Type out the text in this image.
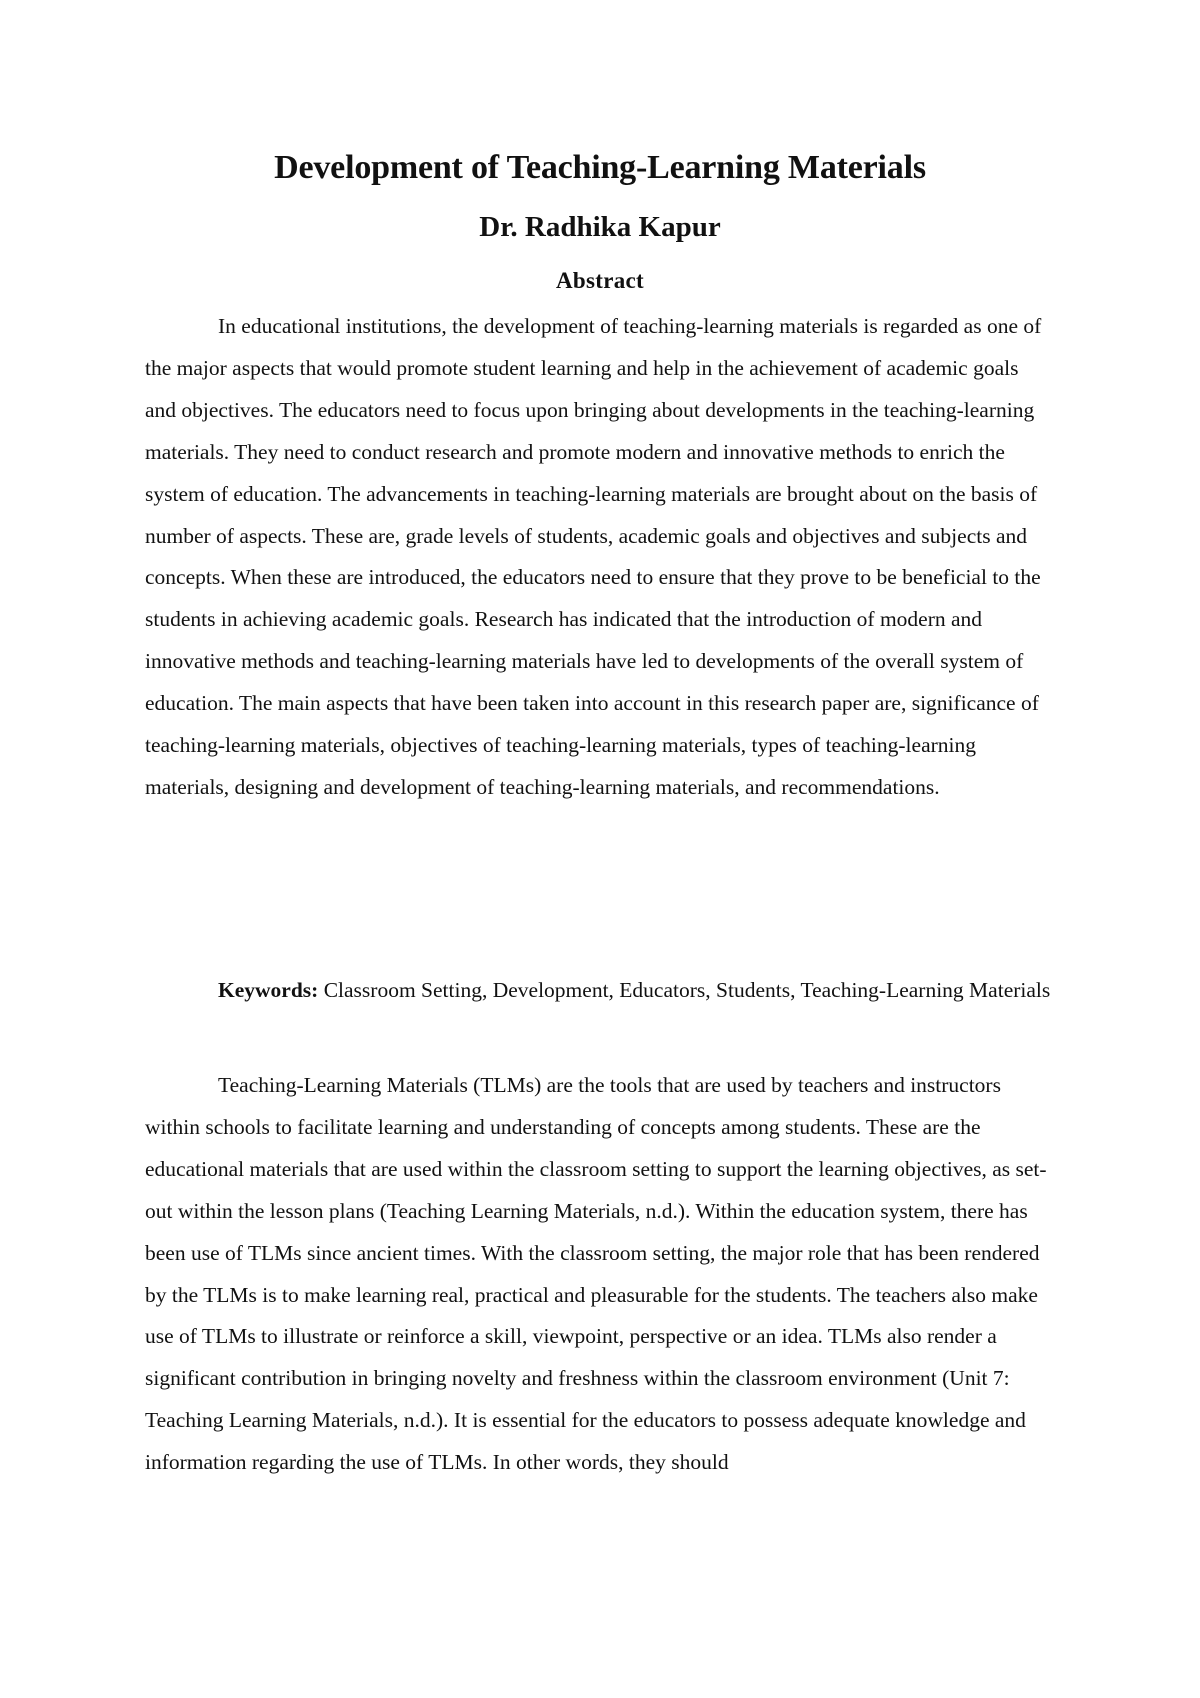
Development of Teaching-Learning Materials
Dr. Radhika Kapur
Abstract

In educational institutions, the development of teaching-learning materials is regarded as one of the major aspects that would promote student learning and help in the achievement of academic goals and objectives. The educators need to focus upon bringing about developments in the teaching-learning materials. They need to conduct research and promote modern and innovative methods to enrich the system of education. The advancements in teaching-learning materials are brought about on the basis of number of aspects. These are, grade levels of students, academic goals and objectives and subjects and concepts. When these are introduced, the educators need to ensure that they prove to be beneficial to the students in achieving academic goals. Research has indicated that the introduction of modern and innovative methods and teaching-learning materials have led to developments of the overall system of education. The main aspects that have been taken into account in this research paper are, significance of teaching-learning materials, objectives of teaching-learning materials, types of teaching-learning materials, designing and development of teaching-learning materials, and recommendations.

Keywords: Classroom Setting, Development, Educators, Students, Teaching-Learning Materials

Teaching-Learning Materials (TLMs) are the tools that are used by teachers and instructors within schools to facilitate learning and understanding of concepts among students. These are the educational materials that are used within the classroom setting to support the learning objectives, as set-out within the lesson plans (Teaching Learning Materials, n.d.). Within the education system, there has been use of TLMs since ancient times. With the classroom setting, the major role that has been rendered by the TLMs is to make learning real, practical and pleasurable for the students. The teachers also make use of TLMs to illustrate or reinforce a skill, viewpoint, perspective or an idea. TLMs also render a significant contribution in bringing novelty and freshness within the classroom environment (Unit 7: Teaching Learning Materials, n.d.). It is essential for the educators to possess adequate knowledge and information regarding the use of TLMs. In other words, they should
